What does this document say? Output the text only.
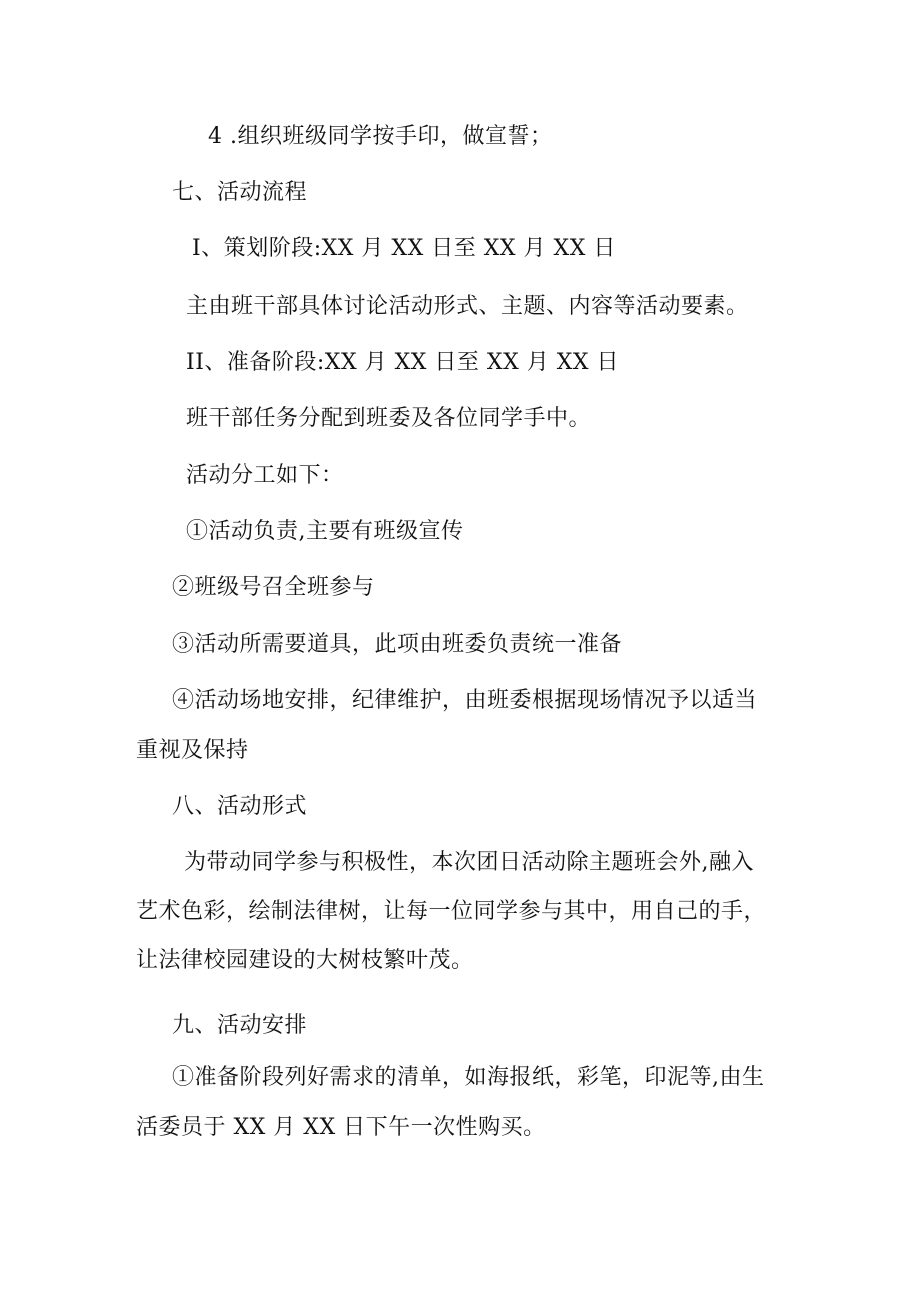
4 .组织班级同学按手印，做宣誓；
七、活动流程
I、策划阶段:XX 月 XX 日至 XX 月 XX 日
主由班干部具体讨论活动形式、主题、内容等活动要素。
II、准备阶段:XX 月 XX 日至 XX 月 XX 日
班干部任务分配到班委及各位同学手中。
活动分工如下：
①活动负责,主要有班级宣传
②班级号召全班参与
③活动所需要道具，此项由班委负责统一准备
④活动场地安排，纪律维护，由班委根据现场情况予以适当
重视及保持
八、活动形式
为带动同学参与积极性，本次团日活动除主题班会外,融入
艺术色彩，绘制法律树，让每一位同学参与其中，用自己的手，
让法律校园建设的大树枝繁叶茂。
九、活动安排
①准备阶段列好需求的清单，如海报纸，彩笔，印泥等,由生
活委员于 XX 月 XX 日下午一次性购买。
